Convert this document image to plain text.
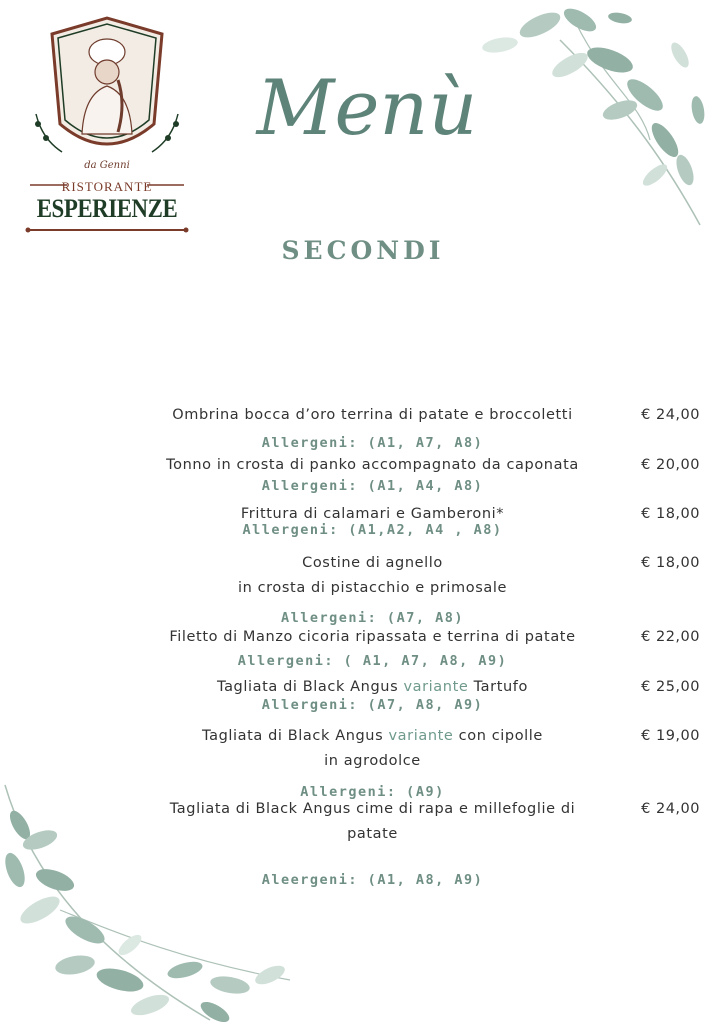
da Genni
RISTORANTE
ESPERIENZE
Menù
SECONDI
Ombrina bocca d’oro terrina di patate e broccoletti	€ 24,00
Allergeni: (A1, A7, A8)
Tonno in crosta di panko accompagnato da caponata	€ 20,00
Allergeni: (A1, A4, A8)
Frittura di calamari e Gamberoni*	€ 18,00
Allergeni: (A1,A2, A4 , A8)
Costine di agnello	€ 18,00
in crosta di pistacchio e primosale
Allergeni: (A7, A8)
Filetto di Manzo cicoria ripassata e terrina di patate	€ 22,00
Allergeni: ( A1, A7, A8, A9)
Tagliata di Black Angus variante Tartufo	€ 25,00
Allergeni: (A7, A8, A9)
Tagliata di Black Angus variante con cipolle	€ 19,00
in agrodolce
Allergeni: (A9)
Tagliata di Black Angus cime di rapa e millefoglie di	€ 24,00
patate
Aleergeni: (A1, A8, A9)
